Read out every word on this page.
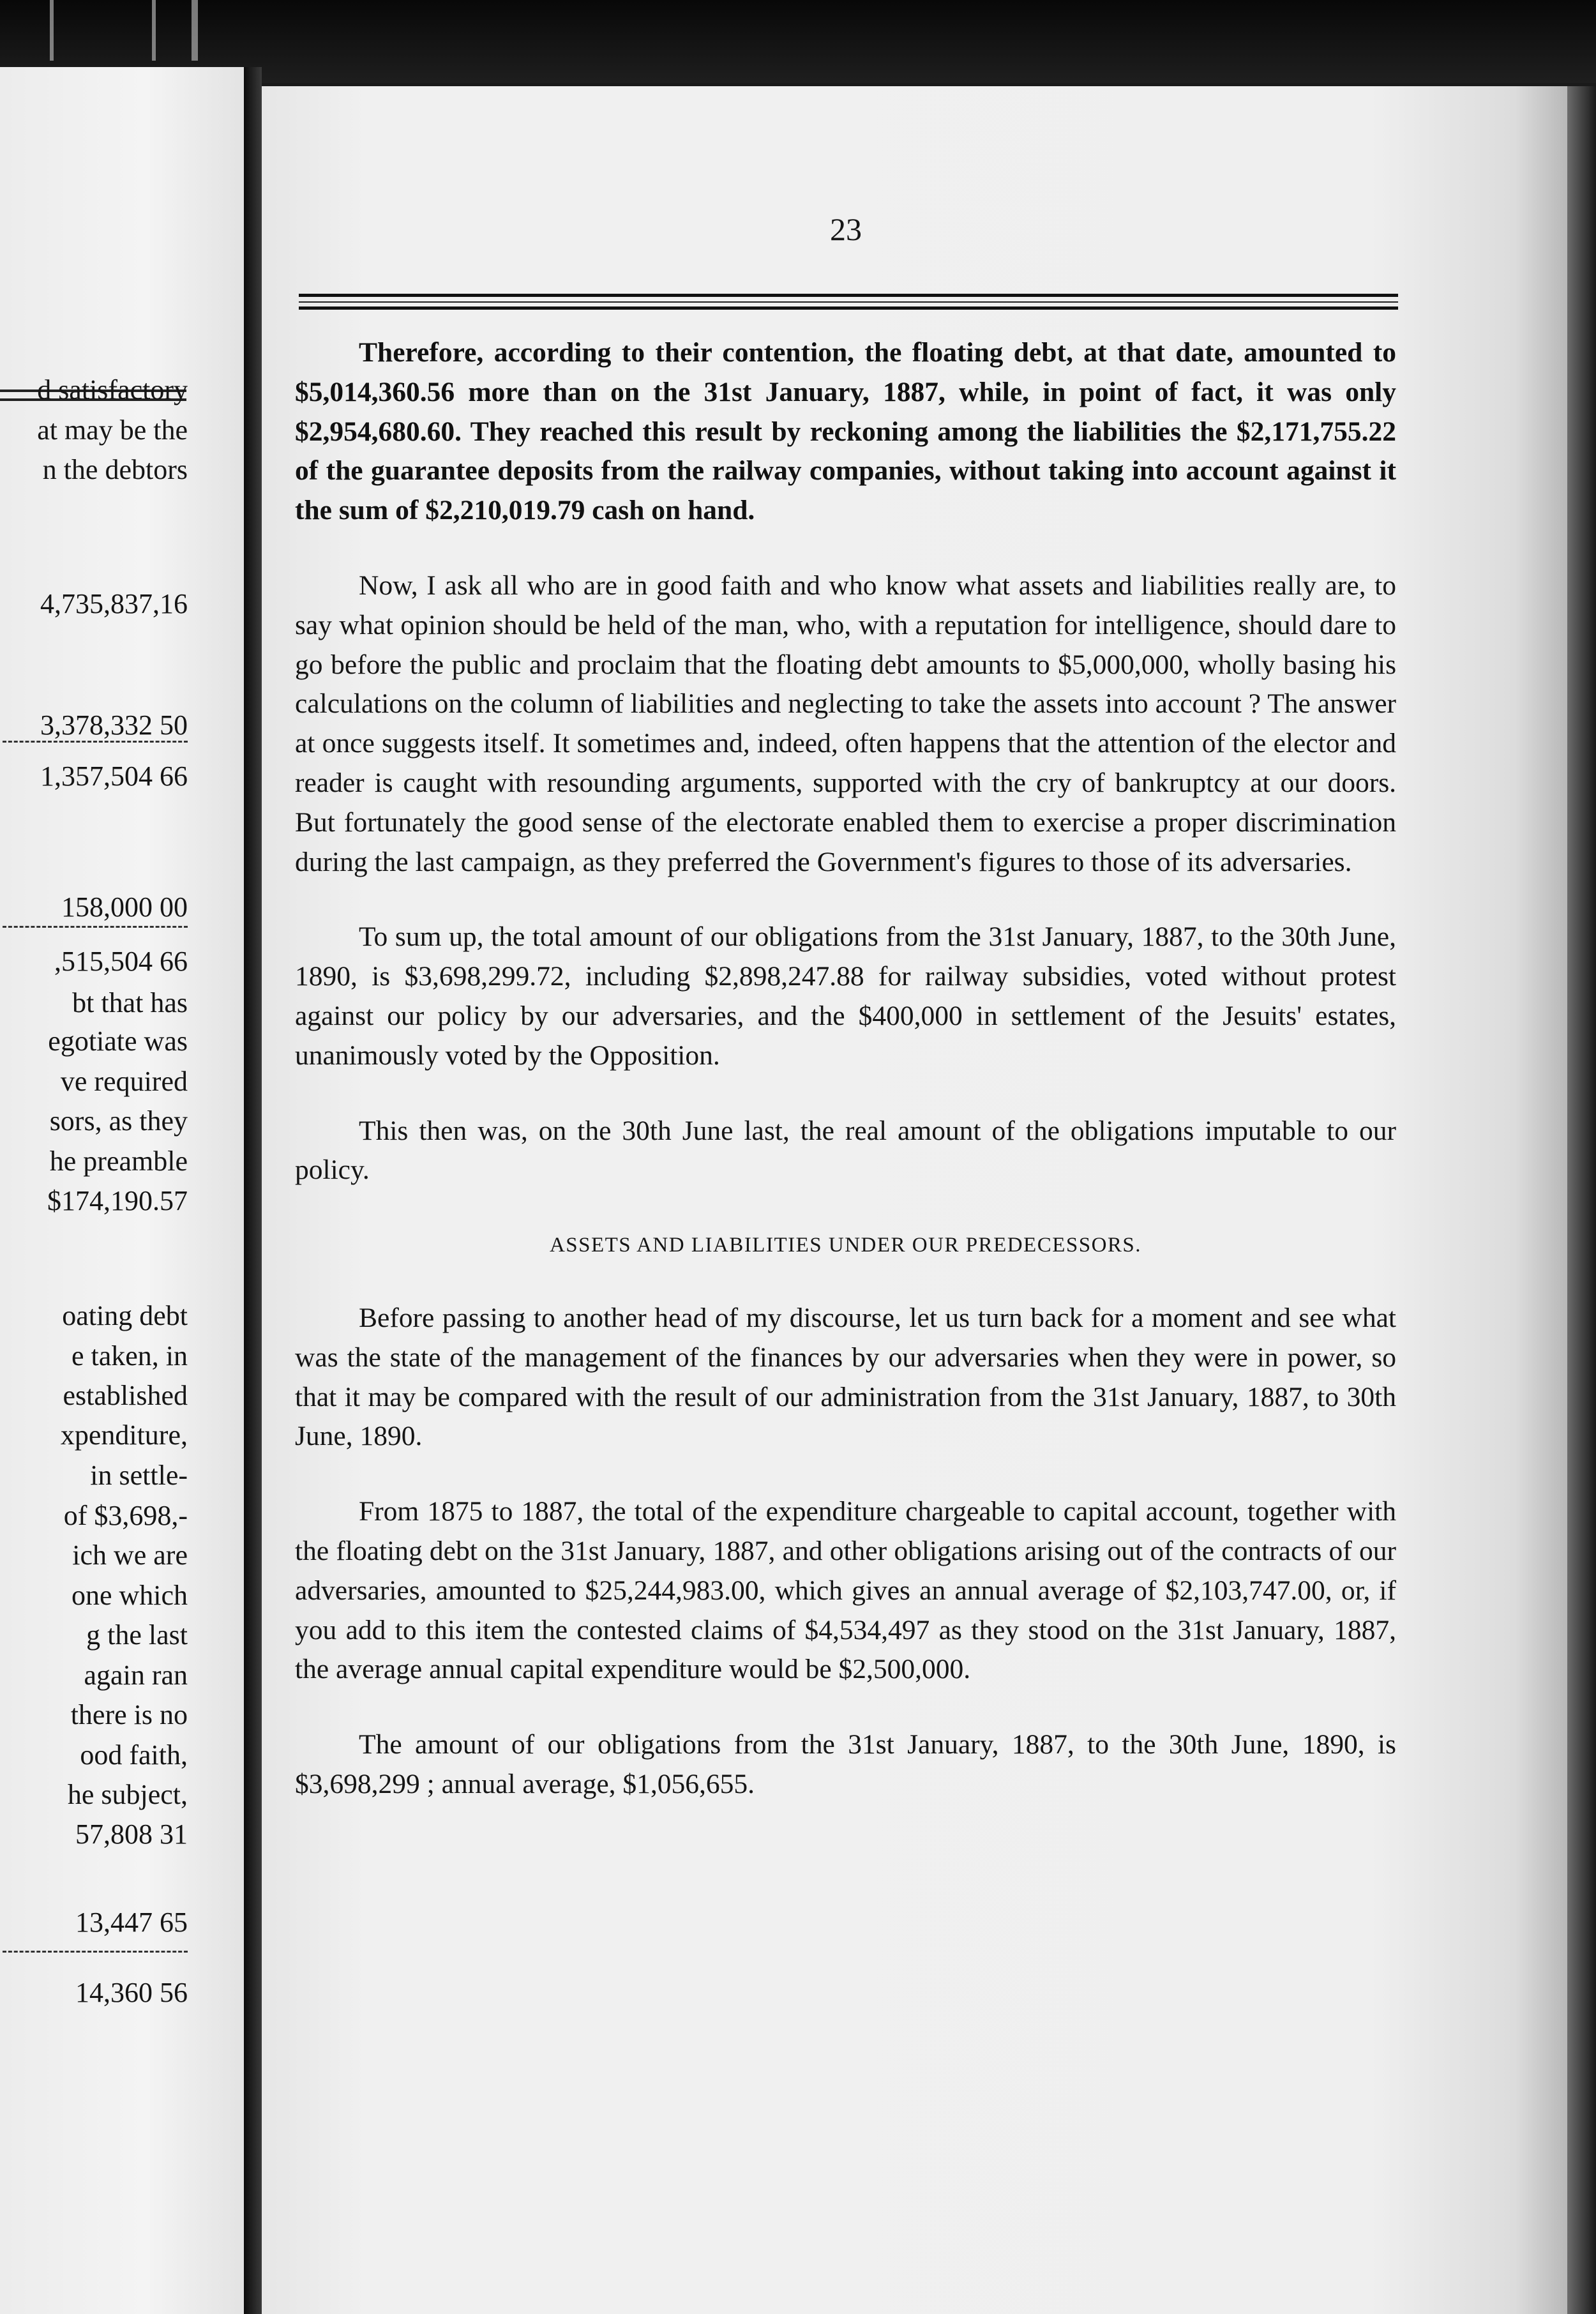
d satisfactory
at may be the
n the debtors
4,735,837,16
3,378,332 50
1,357,504 66
158,000 00
,515,504 66
bt that has
egotiate was
ve required
sors, as they
he preamble
$174,190.57
oating debt
e taken, in
established
xpenditure,
in settle-
of $3,698,-
ich we are
one which
g the last
again ran
there is no
ood faith,
he subject,
57,808 31
13,447 65
14,360 56
23

Therefore, according to their contention, the floating debt, at that date, amounted to $5,014,360.56 more than on the 31st January, 1887, while, in point of fact, it was only $2,954,680.60. They reached this result by reckoning among the liabilities the $2,171,755.22 of the guarantee deposits from the railway companies, without taking into account against it the sum of $2,210,019.79 cash on hand.

Now, I ask all who are in good faith and who know what assets and liabilities really are, to say what opinion should be held of the man, who, with a reputation for intelligence, should dare to go before the public and proclaim that the floating debt amounts to $5,000,000, wholly basing his calculations on the column of liabilities and neglecting to take the assets into account ? The answer at once suggests itself. It sometimes and, indeed, often happens that the attention of the elector and reader is caught with resounding arguments, supported with the cry of bankruptcy at our doors. But fortunately the good sense of the electorate enabled them to exercise a proper discrimination during the last campaign, as they preferred the Government's figures to those of its adversaries.

To sum up, the total amount of our obligations from the 31st January, 1887, to the 30th June, 1890, is $3,698,299.72, including $2,898,247.88 for railway subsidies, voted without protest against our policy by our adversaries, and the $400,000 in settlement of the Jesuits' estates, unanimously voted by the Opposition.

This then was, on the 30th June last, the real amount of the obligations imputable to our policy.

ASSETS AND LIABILITIES UNDER OUR PREDECESSORS.

Before passing to another head of my discourse, let us turn back for a moment and see what was the state of the management of the finances by our adversaries when they were in power, so that it may be compared with the result of our administration from the 31st January, 1887, to 30th June, 1890.

From 1875 to 1887, the total of the expenditure chargeable to capital account, together with the floating debt on the 31st January, 1887, and other obligations arising out of the contracts of our adversaries, amounted to $25,244,983.00, which gives an annual average of $2,103,747.00, or, if you add to this item the contested claims of $4,534,497 as they stood on the 31st January, 1887, the average annual capital expenditure would be $2,500,000.

The amount of our obligations from the 31st January, 1887, to the 30th June, 1890, is $3,698,299 ; annual average, $1,056,655.
